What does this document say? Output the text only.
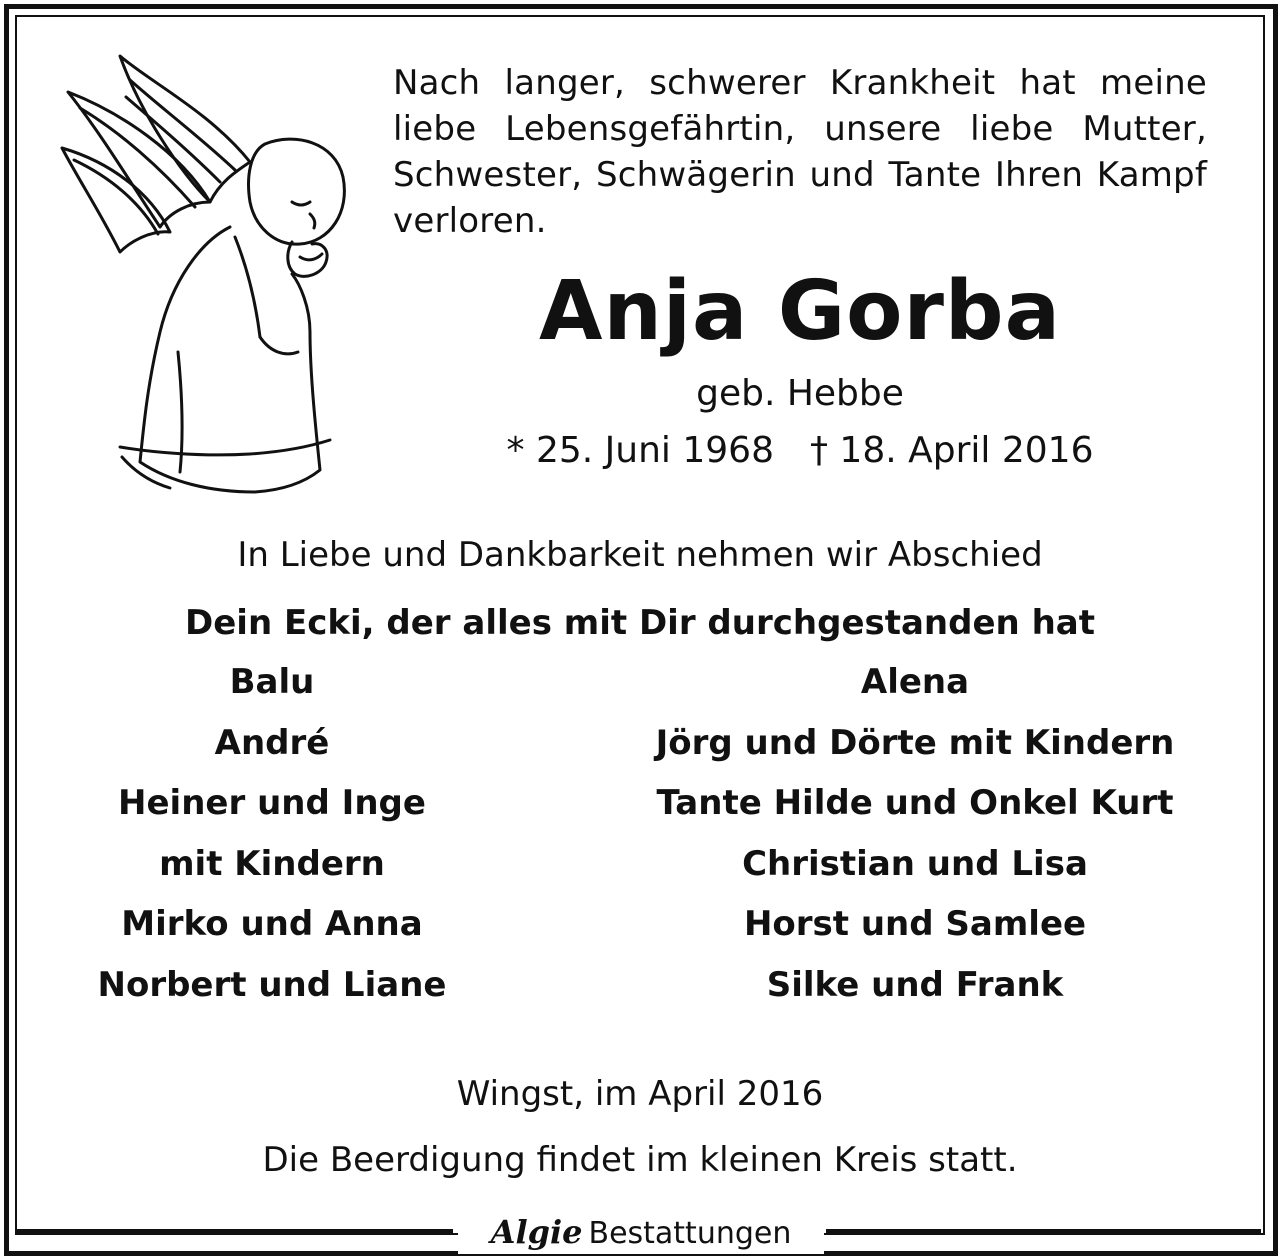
Nach langer, schwerer Krankheit hat meine liebe Lebensgefährtin, unsere liebe Mutter, Schwester, Schwägerin und Tante Ihren Kampf verloren.
Anja Gorba
geb. Hebbe
* 25. Juni 1968 † 18. April 2016
In Liebe und Dankbarkeit nehmen wir Abschied
Dein Ecki, der alles mit Dir durchgestanden hat
Balu
André
Heiner und Inge
mit Kindern
Mirko und Anna
Norbert und Liane
Alena
Jörg und Dörte mit Kindern
Tante Hilde und Onkel Kurt
Christian und Lisa
Horst und Samlee
Silke und Frank
Wingst, im April 2016
Die Beerdigung findet im kleinen Kreis statt.
Algie Bestattungen
